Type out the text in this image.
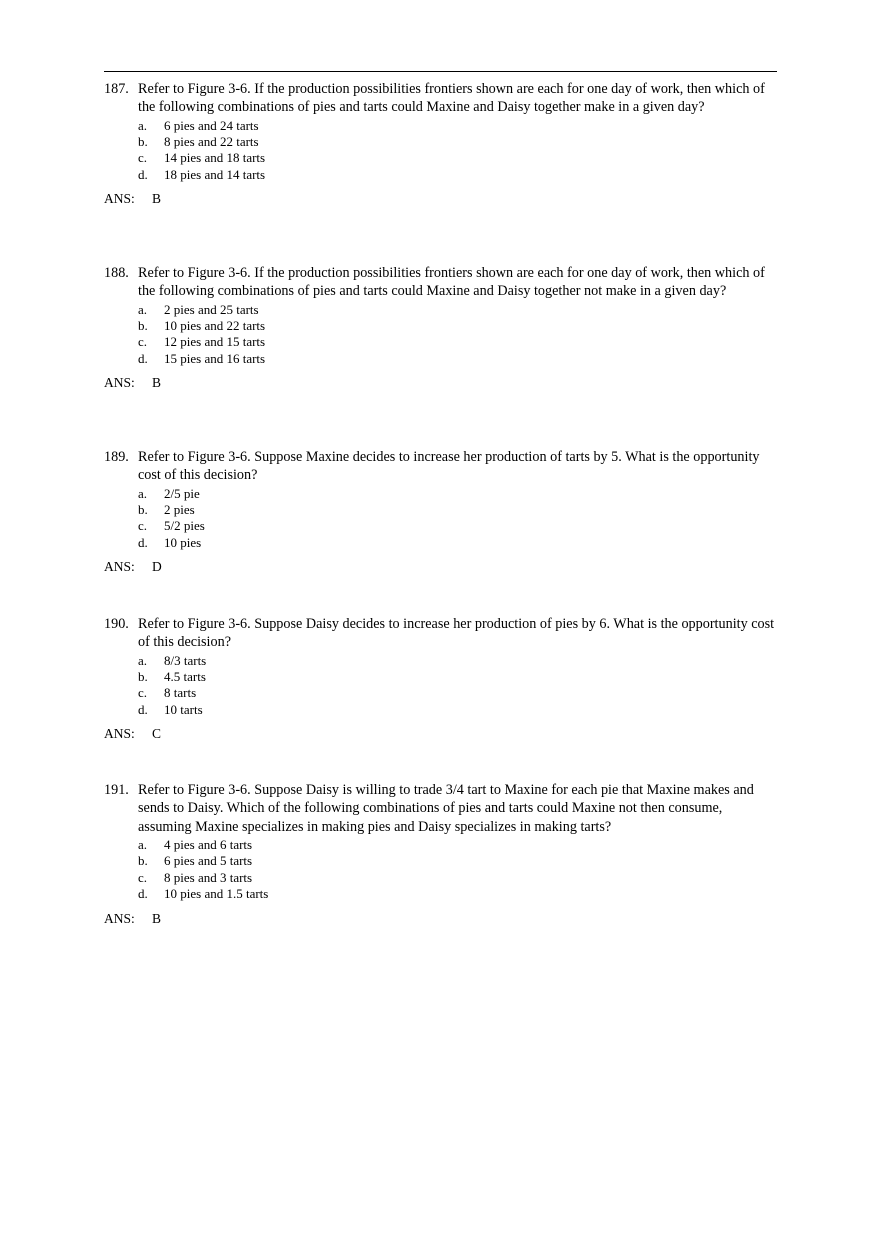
187. Refer to Figure 3-6. If the production possibilities frontiers shown are each for one day of work, then which of the following combinations of pies and tarts could Maxine and Daisy together make in a given day?
a.	6 pies and 24 tarts
b.	8 pies and 22 tarts
c.	14 pies and 18 tarts
d.	18 pies and 14 tarts
ANS:	B
188. Refer to Figure 3-6. If the production possibilities frontiers shown are each for one day of work, then which of the following combinations of pies and tarts could Maxine and Daisy together not make in a given day?
a.	2 pies and 25 tarts
b.	10 pies and 22 tarts
c.	12 pies and 15 tarts
d.	15 pies and 16 tarts
ANS:	B
189. Refer to Figure 3-6. Suppose Maxine decides to increase her production of tarts by 5. What is the opportunity cost of this decision?
a.	2/5 pie
b.	2 pies
c.	5/2 pies
d.	10 pies
ANS:	D
190. Refer to Figure 3-6. Suppose Daisy decides to increase her production of pies by 6. What is the opportunity cost of this decision?
a.	8/3 tarts
b.	4.5 tarts
c.	8 tarts
d.	10 tarts
ANS:	C
191. Refer to Figure 3-6. Suppose Daisy is willing to trade 3/4 tart to Maxine for each pie that Maxine makes and sends to Daisy. Which of the following combinations of pies and tarts could Maxine not then consume, assuming Maxine specializes in making pies and Daisy specializes in making tarts?
a.	4 pies and 6 tarts
b.	6 pies and 5 tarts
c.	8 pies and 3 tarts
d.	10 pies and 1.5 tarts
ANS:	B
